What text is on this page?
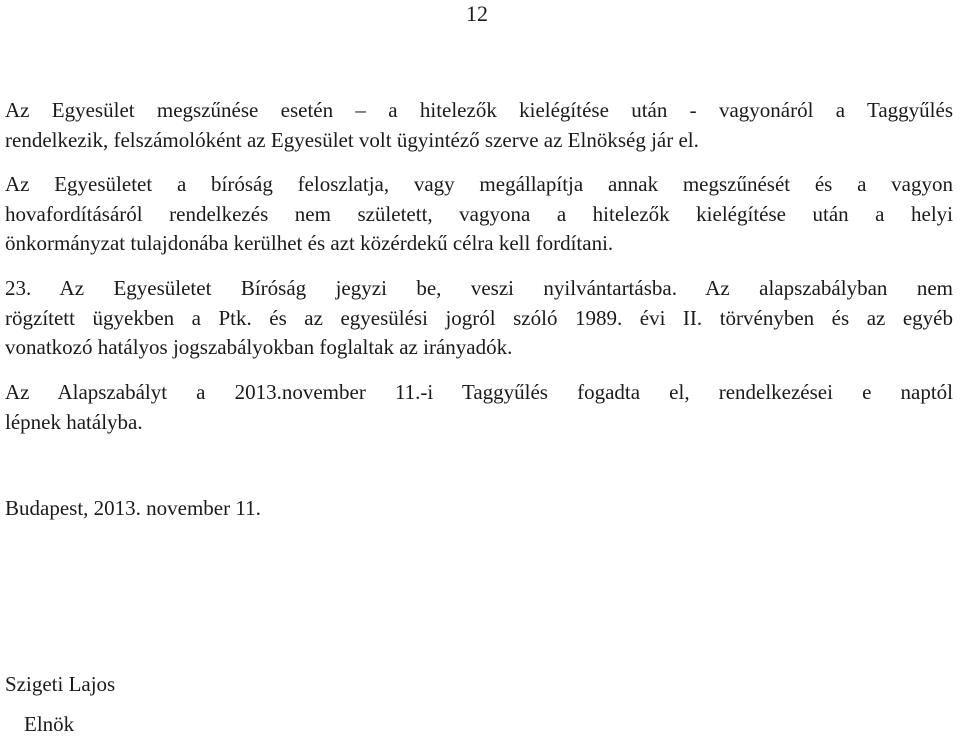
12
Az Egyesület megszűnése esetén – a hitelezők kielégítése után - vagyonáról a Taggyűlés
rendelkezik, felszámolóként az Egyesület volt ügyintéző szerve az Elnökség jár el.
Az Egyesületet a bíróság feloszlatja, vagy megállapítja annak megszűnését és a vagyon
hovafordításáról rendelkezés nem született, vagyona a hitelezők kielégítése után a helyi
önkormányzat tulajdonába kerülhet és azt közérdekű célra kell fordítani.
23. Az Egyesületet Bíróság jegyzi be, veszi nyilvántartásba. Az alapszabályban nem
rögzített ügyekben a Ptk. és az egyesülési jogról szóló 1989. évi II. törvényben és az egyéb
vonatkozó hatályos jogszabályokban foglaltak az irányadók.
Az Alapszabályt a 2013.november 11.-i Taggyűlés fogadta el, rendelkezései e naptól
lépnek hatályba.
Budapest, 2013. november 11.
Szigeti Lajos
Elnök
